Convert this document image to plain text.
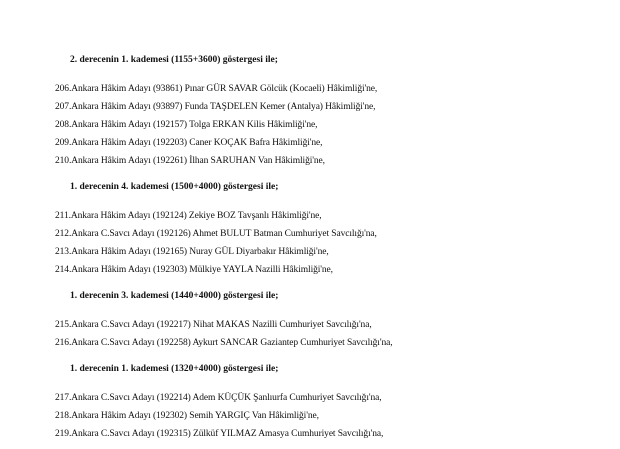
2. derecenin 1. kademesi (1155+3600) göstergesi ile;
206.Ankara Hâkim Adayı (93861) Pınar GÜR SAVAR Gölcük (Kocaeli) Hâkimliği'ne,
207.Ankara Hâkim Adayı (93897) Funda TAŞDELEN Kemer (Antalya) Hâkimliği'ne,
208.Ankara Hâkim Adayı (192157) Tolga ERKAN Kilis Hâkimliği'ne,
209.Ankara Hâkim Adayı (192203) Caner KOÇAK Bafra Hâkimliği'ne,
210.Ankara Hâkim Adayı (192261) İlhan SARUHAN Van Hâkimliği'ne,
1. derecenin 4. kademesi (1500+4000) göstergesi ile;
211.Ankara Hâkim Adayı (192124) Zekiye BOZ Tavşanlı Hâkimliği'ne,
212.Ankara C.Savcı Adayı (192126) Ahmet BULUT Batman Cumhuriyet Savcılığı'na,
213.Ankara Hâkim Adayı (192165) Nuray GÜL Diyarbakır Hâkimliği'ne,
214.Ankara Hâkim Adayı (192303) Mülkiye YAYLA Nazilli Hâkimliği'ne,
1. derecenin 3. kademesi (1440+4000) göstergesi ile;
215.Ankara C.Savcı Adayı (192217) Nihat MAKAS Nazilli Cumhuriyet Savcılığı'na,
216.Ankara C.Savcı Adayı (192258) Aykurt SANCAR Gaziantep Cumhuriyet Savcılığı'na,
1. derecenin 1. kademesi (1320+4000) göstergesi ile;
217.Ankara C.Savcı Adayı (192214) Adem KÜÇÜK Şanlıurfa Cumhuriyet Savcılığı'na,
218.Ankara Hâkim Adayı (192302) Semih YARGIÇ Van Hâkimliği'ne,
219.Ankara C.Savcı Adayı (192315) Zülküf YILMAZ Amasya Cumhuriyet Savcılığı'na,
